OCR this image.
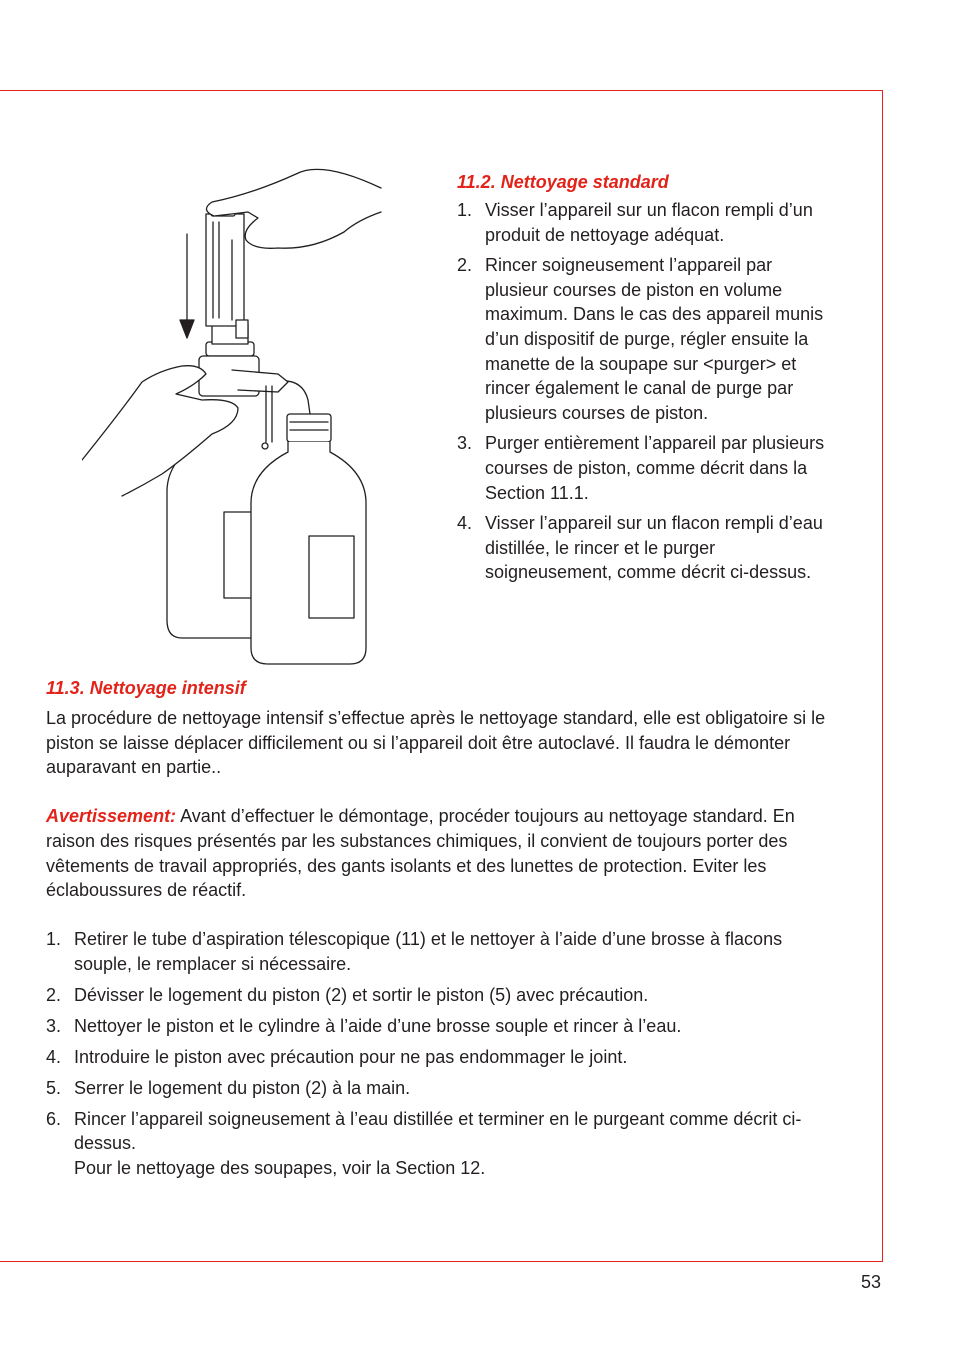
11.2. Nettoyage standard
1. Visser l’appareil sur un flacon rempli d’un produit de nettoyage adéquat.
2. Rincer soigneusement l’appareil par plusieur courses de piston en volume maximum. Dans le cas des appareil munis d’un dispositif de purge, régler ensuite la manette de la soupape sur <purger> et rincer également le canal de purge par plusieurs courses de piston.
3. Purger entièrement l’appareil par plusieurs courses de piston, comme décrit dans la Section 11.1.
4. Visser l’appareil sur un flacon rempli d’eau distillée, le rincer et le purger soigneusement, comme décrit ci-dessus.
11.3. Nettoyage intensif

La procédure de nettoyage intensif s’effectue après le nettoyage standard, elle est obligatoire si le piston se laisse déplacer difficilement ou si l’appareil doit être autoclavé. Il faudra le démonter auparavant en partie..

Avertissement: Avant d’effectuer le démontage, procéder toujours au nettoyage standard. En raison des risques présentés par les substances chimiques, il convient de toujours porter des vêtements de travail appropriés, des gants isolants et des lunettes de protection. Eviter les éclaboussures de réactif.

1. Retirer le tube d’aspiration télescopique (11) et le nettoyer à l’aide d’une brosse à flacons souple, le remplacer si nécessaire.
2. Dévisser le logement du piston (2) et sortir le piston (5) avec précaution.
3. Nettoyer le piston et le cylindre à l’aide d’une brosse souple et rincer à l’eau.
4. Introduire le piston avec précaution pour ne pas endommager le joint.
5. Serrer le logement du piston (2) à la main.
6. Rincer l’appareil soigneusement à l’eau distillée et terminer en le purgeant comme décrit ci-dessus.
Pour le nettoyage des soupapes, voir la Section 12.
53
